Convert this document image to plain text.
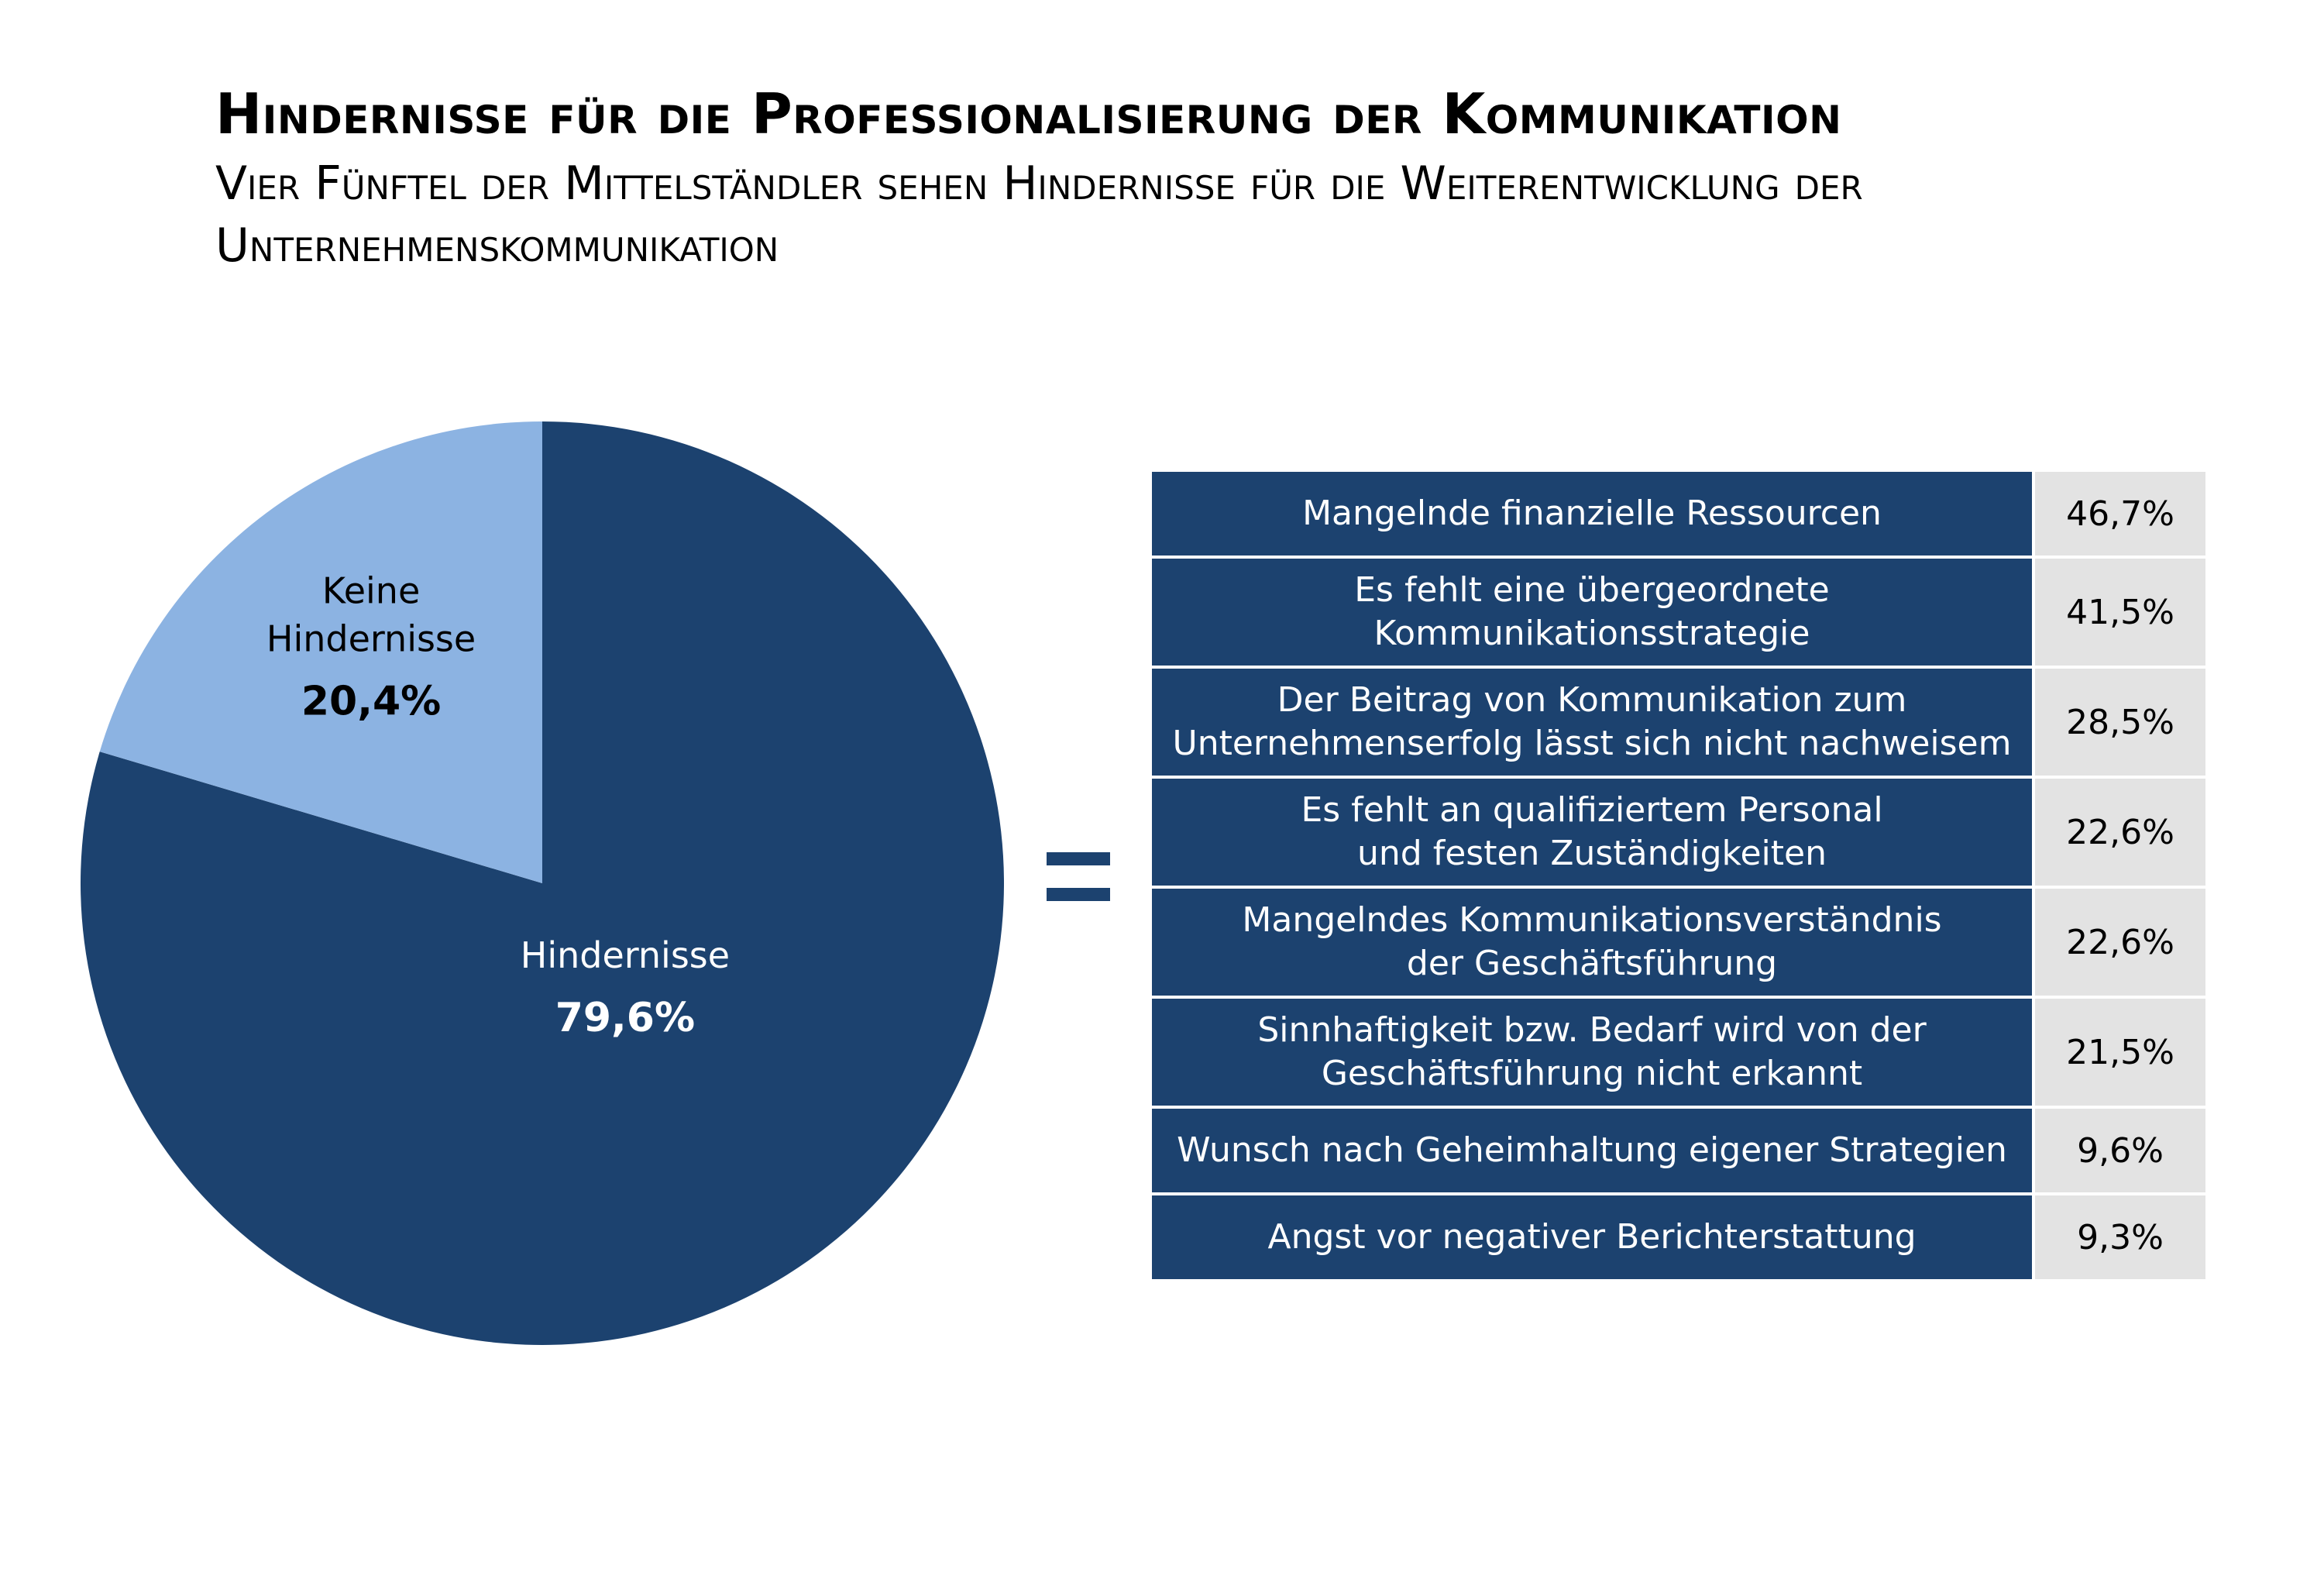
Hindernisse für die Professionalisierung der Kommunikation
Vier Fünftel der Mittelständler sehen Hindernisse für die Weiterentwicklung der Unternehmenskommunikation
Hindernisse
79,6%
Keine
Hindernisse
20,4%
Mangelnde finanzielle Ressourcen	46,7%

Es fehlt eine übergeordnete
Kommunikationsstrategie	41,5%

Der Beitrag von Kommunikation zum
Unternehmenserfolg lässt sich nicht nachweisem	28,5%

Es fehlt an qualifiziertem Personal
und festen Zuständigkeiten	22,6%

Mangelndes Kommunikationsverständnis
der Geschäftsführung	22,6%

Sinnhaftigkeit bzw. Bedarf wird von der
Geschäftsführung nicht erkannt	21,5%

Wunsch nach Geheimhaltung eigener Strategien	9,6%

Angst vor negativer Berichterstattung	9,3%
